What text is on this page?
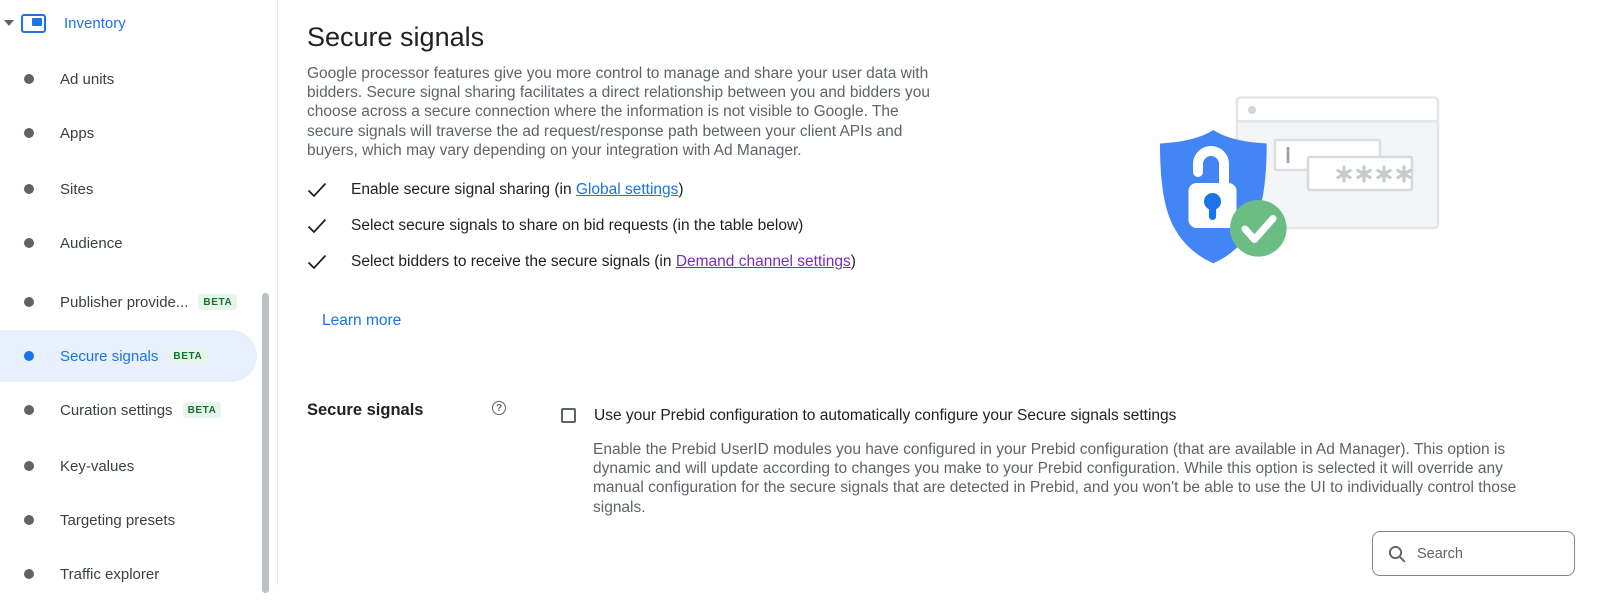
Inventory
Ad units
Apps
Sites
Audience
Publisher provide...	BETA
Secure signals	BETA
Curation settings	BETA
Key-values
Targeting presets
Traffic explorer
Secure signals

Google processor features give you more control to manage and share your user data with bidders. Secure signal sharing facilitates a direct relationship between you and bidders you choose across a secure connection where the information is not visible to Google. The secure signals will traverse the ad request/response path between your client APIs and buyers, which may vary depending on your integration with Ad Manager.

Enable secure signal sharing (in Global settings)
Select secure signals to share on bid requests (in the table below)
Select bidders to receive the secure signals (in Demand channel settings)
Learn more
Secure signals	?	Use your Prebid configuration to automatically configure your Secure signals settings

Enable the Prebid UserID modules you have configured in your Prebid configuration (that are available in Ad Manager). This option is dynamic and will update according to changes you make to your Prebid configuration. While this option is selected it will override any manual configuration for the secure signals that are detected in Prebid, and you won't be able to use the UI to individually control those signals.

Search
